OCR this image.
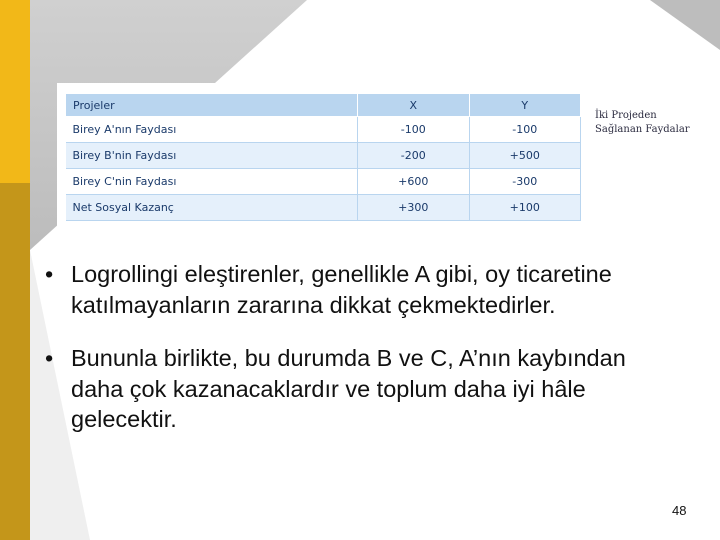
Projeler	X	Y
Birey A'nın Faydası	-100	-100
Birey B'nin Faydası	-200	+500
Birey C'nin Faydası	+600	-300
Net Sosyal Kazanç	+300	+100
İki Projeden
Sağlanan Faydalar
• Logrollingi eleştirenler, genellikle A gibi, oy ticaretine katılmayanların zararına dikkat çekmektedirler.
• Bununla birlikte, bu durumda B ve C, A’nın kaybından daha çok kazanacaklardır ve toplum daha iyi hâle gelecektir.
48
